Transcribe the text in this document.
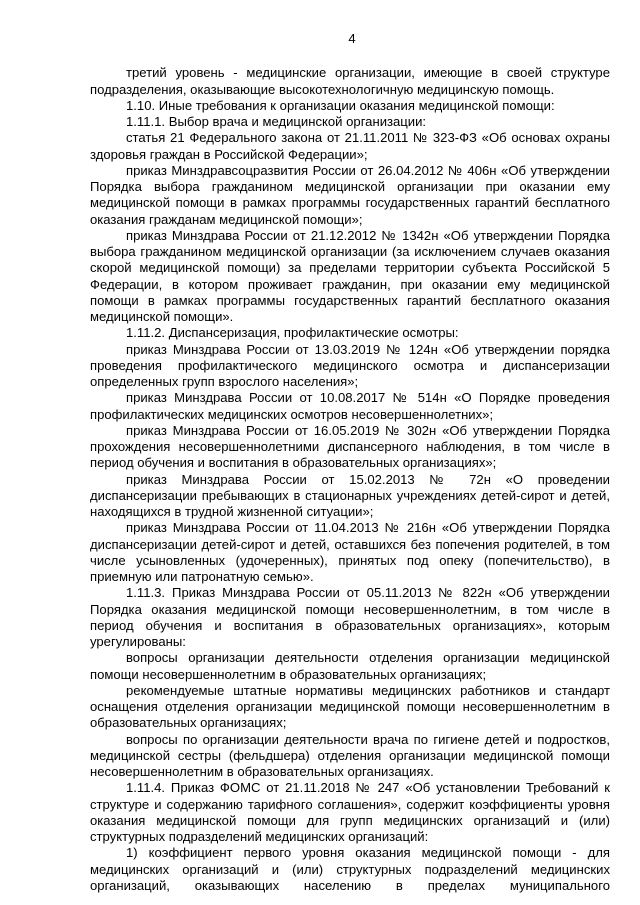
4

третий уровень - медицинские организации, имеющие в своей структуре подразделения, оказывающие высокотехнологичную медицинскую помощь.

1.10. Иные требования к организации оказания медицинской помощи:

1.11.1. Выбор врача и медицинской организации:

статья 21 Федерального закона от 21.11.2011 № 323-ФЗ «Об основах охраны здоровья граждан в Российской Федерации»;

приказ Минздравсоцразвития России от 26.04.2012 № 406н «Об утверждении Порядка выбора гражданином медицинской организации при оказании ему медицинской помощи в рамках программы государственных гарантий бесплатного оказания гражданам медицинской помощи»;

приказ Минздрава России от 21.12.2012 № 1342н «Об утверждении Порядка выбора гражданином медицинской организации (за исключением случаев оказания скорой медицинской помощи) за пределами территории субъекта Российской 5 Федерации, в котором проживает гражданин, при оказании ему медицинской помощи в рамках программы государственных гарантий бесплатного оказания медицинской помощи».

1.11.2. Диспансеризация, профилактические осмотры:

приказ Минздрава России от 13.03.2019 № 124н «Об утверждении порядка проведения профилактического медицинского осмотра и диспансеризации определенных групп взрослого населения»;

приказ Минздрава России от 10.08.2017 № 514н «О Порядке проведения профилактических медицинских осмотров несовершеннолетних»;

приказ Минздрава России от 16.05.2019 № 302н «Об утверждении Порядка прохождения несовершеннолетними диспансерного наблюдения, в том числе в период обучения и воспитания в образовательных организациях»;

приказ Минздрава России от 15.02.2013 № 72н «О проведении диспансеризации пребывающих в стационарных учреждениях детей-сирот и детей, находящихся в трудной жизненной ситуации»;

приказ Минздрава России от 11.04.2013 № 216н «Об утверждении Порядка диспансеризации детей-сирот и детей, оставшихся без попечения родителей, в том числе усыновленных (удочеренных), принятых под опеку (попечительство), в приемную или патронатную семью».

1.11.3. Приказ Минздрава России от 05.11.2013 № 822н «Об утверждении Порядка оказания медицинской помощи несовершеннолетним, в том числе в период обучения и воспитания в образовательных организациях», которым урегулированы:

вопросы организации деятельности отделения организации медицинской помощи несовершеннолетним в образовательных организациях;

рекомендуемые штатные нормативы медицинских работников и стандарт оснащения отделения организации медицинской помощи несовершеннолетним в образовательных организациях;

вопросы по организации деятельности врача по гигиене детей и подростков, медицинской сестры (фельдшера) отделения организации медицинской помощи несовершеннолетним в образовательных организациях.

1.11.4. Приказ ФОМС от 21.11.2018 № 247 «Об установлении Требований к структуре и содержанию тарифного соглашения», содержит коэффициенты уровня оказания медицинской помощи для групп медицинских организаций и (или) структурных подразделений медицинских организаций:

1) коэффициент первого уровня оказания медицинской помощи - для медицинских организаций и (или) структурных подразделений медицинских организаций, оказывающих населению в пределах муниципального
